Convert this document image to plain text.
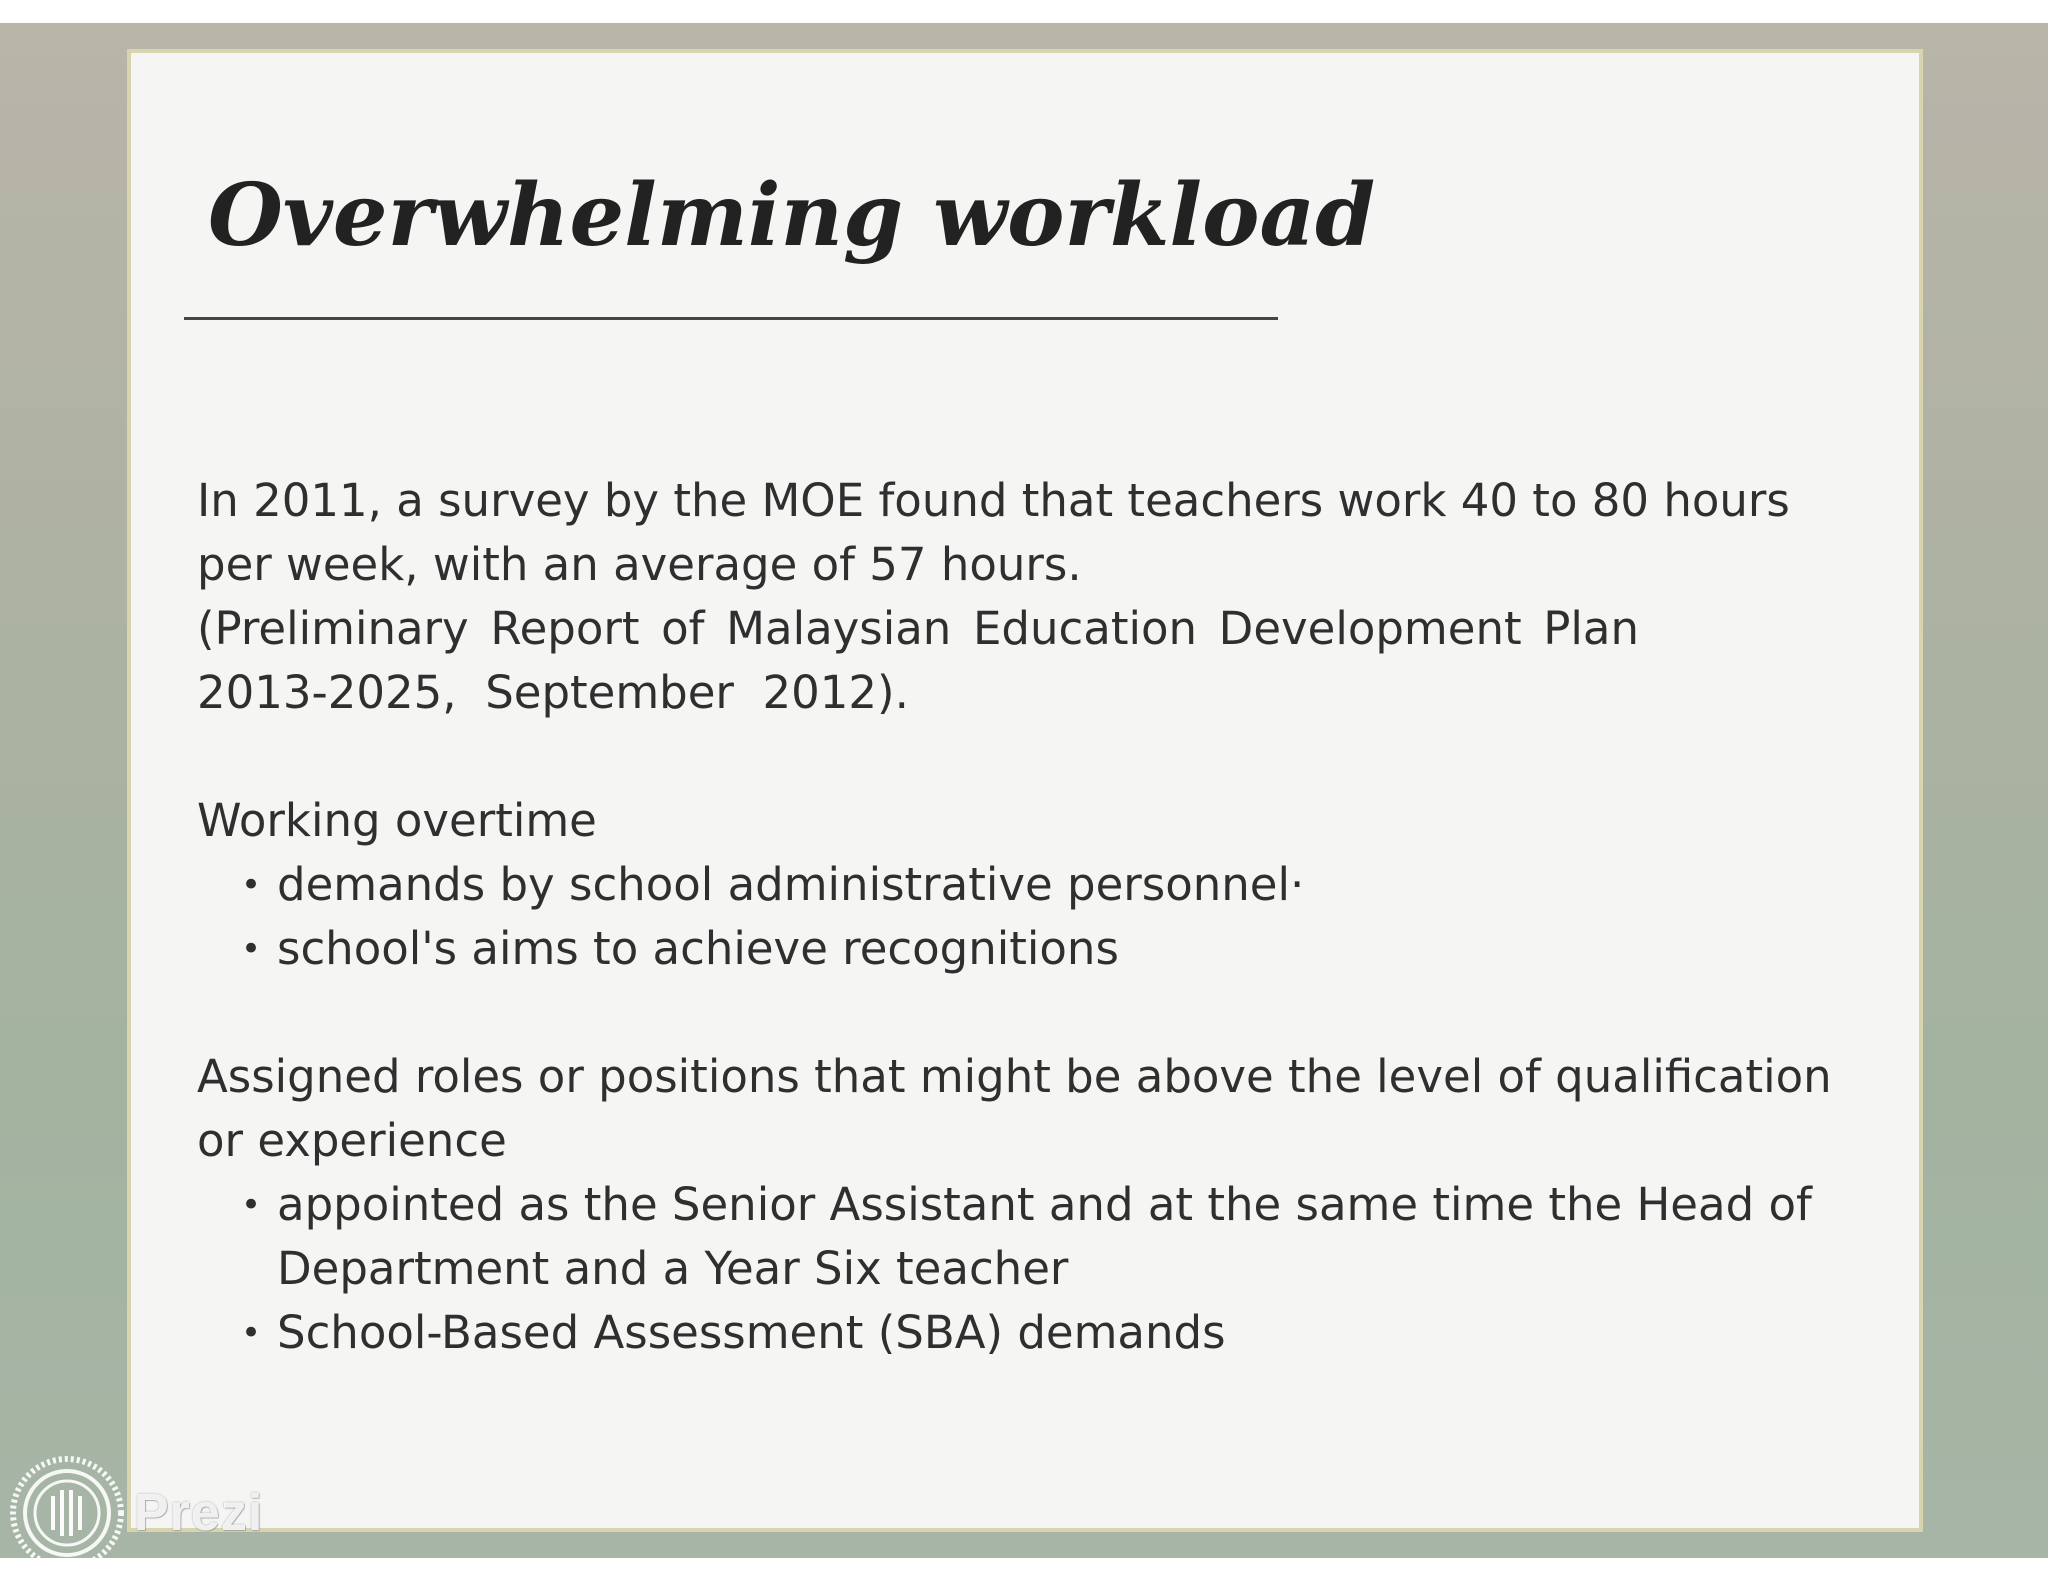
Overwhelming workload

In 2011, a survey by the MOE found that teachers work 40 to 80 hours
per week, with an average of 57 hours.

(Preliminary Report of Malaysian Education Development Plan

2013-2025,  September  2012).

Working overtime

• demands by school administrative personnel·
• school's aims to achieve recognitions

Assigned roles or positions that might be above the level of qualification
or experience

• appointed as the Senior Assistant and at the same time the Head of
Department and a Year Six teacher
• School-Based Assessment (SBA) demands
Prezi
